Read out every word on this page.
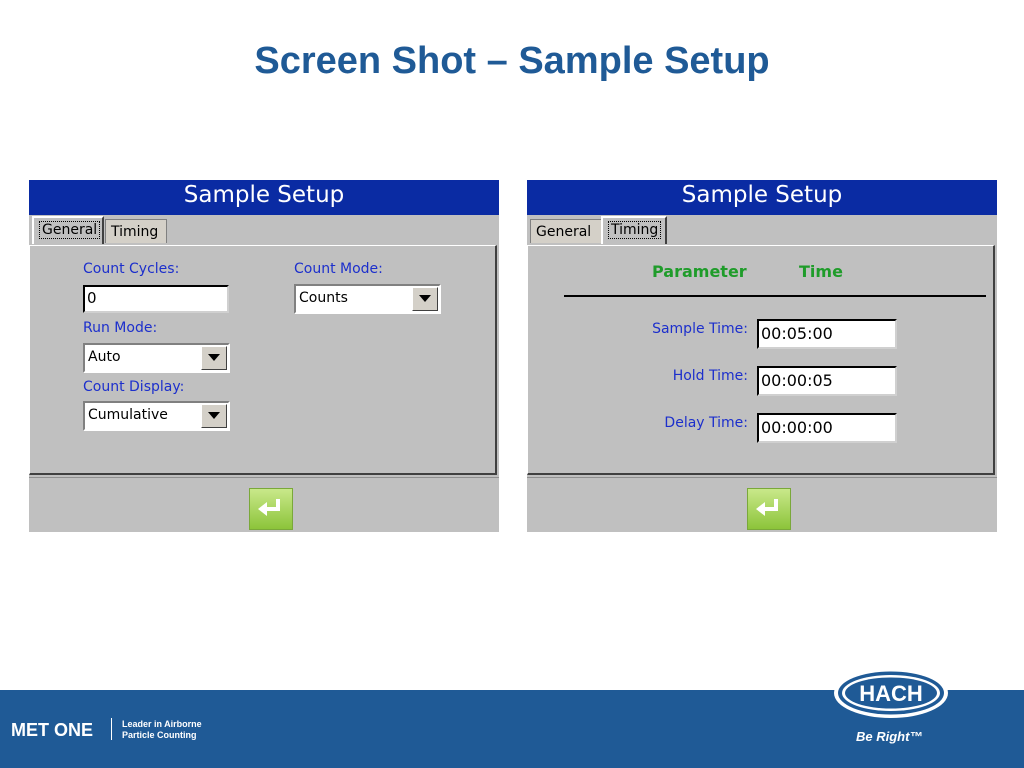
Screen Shot – Sample Setup
Sample Setup
General Timing
Count Cycles:
0
Count Mode:
Counts
Run Mode:
Auto
Count Display:
Cumulative
Sample Setup
General	Timing
Parameter	Time
Sample Time: 00:05:00
Hold Time: 00:00:05
Delay Time: 00:00:00
MET ONE	Leader in Airborne
Particle Counting
HACH
®
Be Right™
